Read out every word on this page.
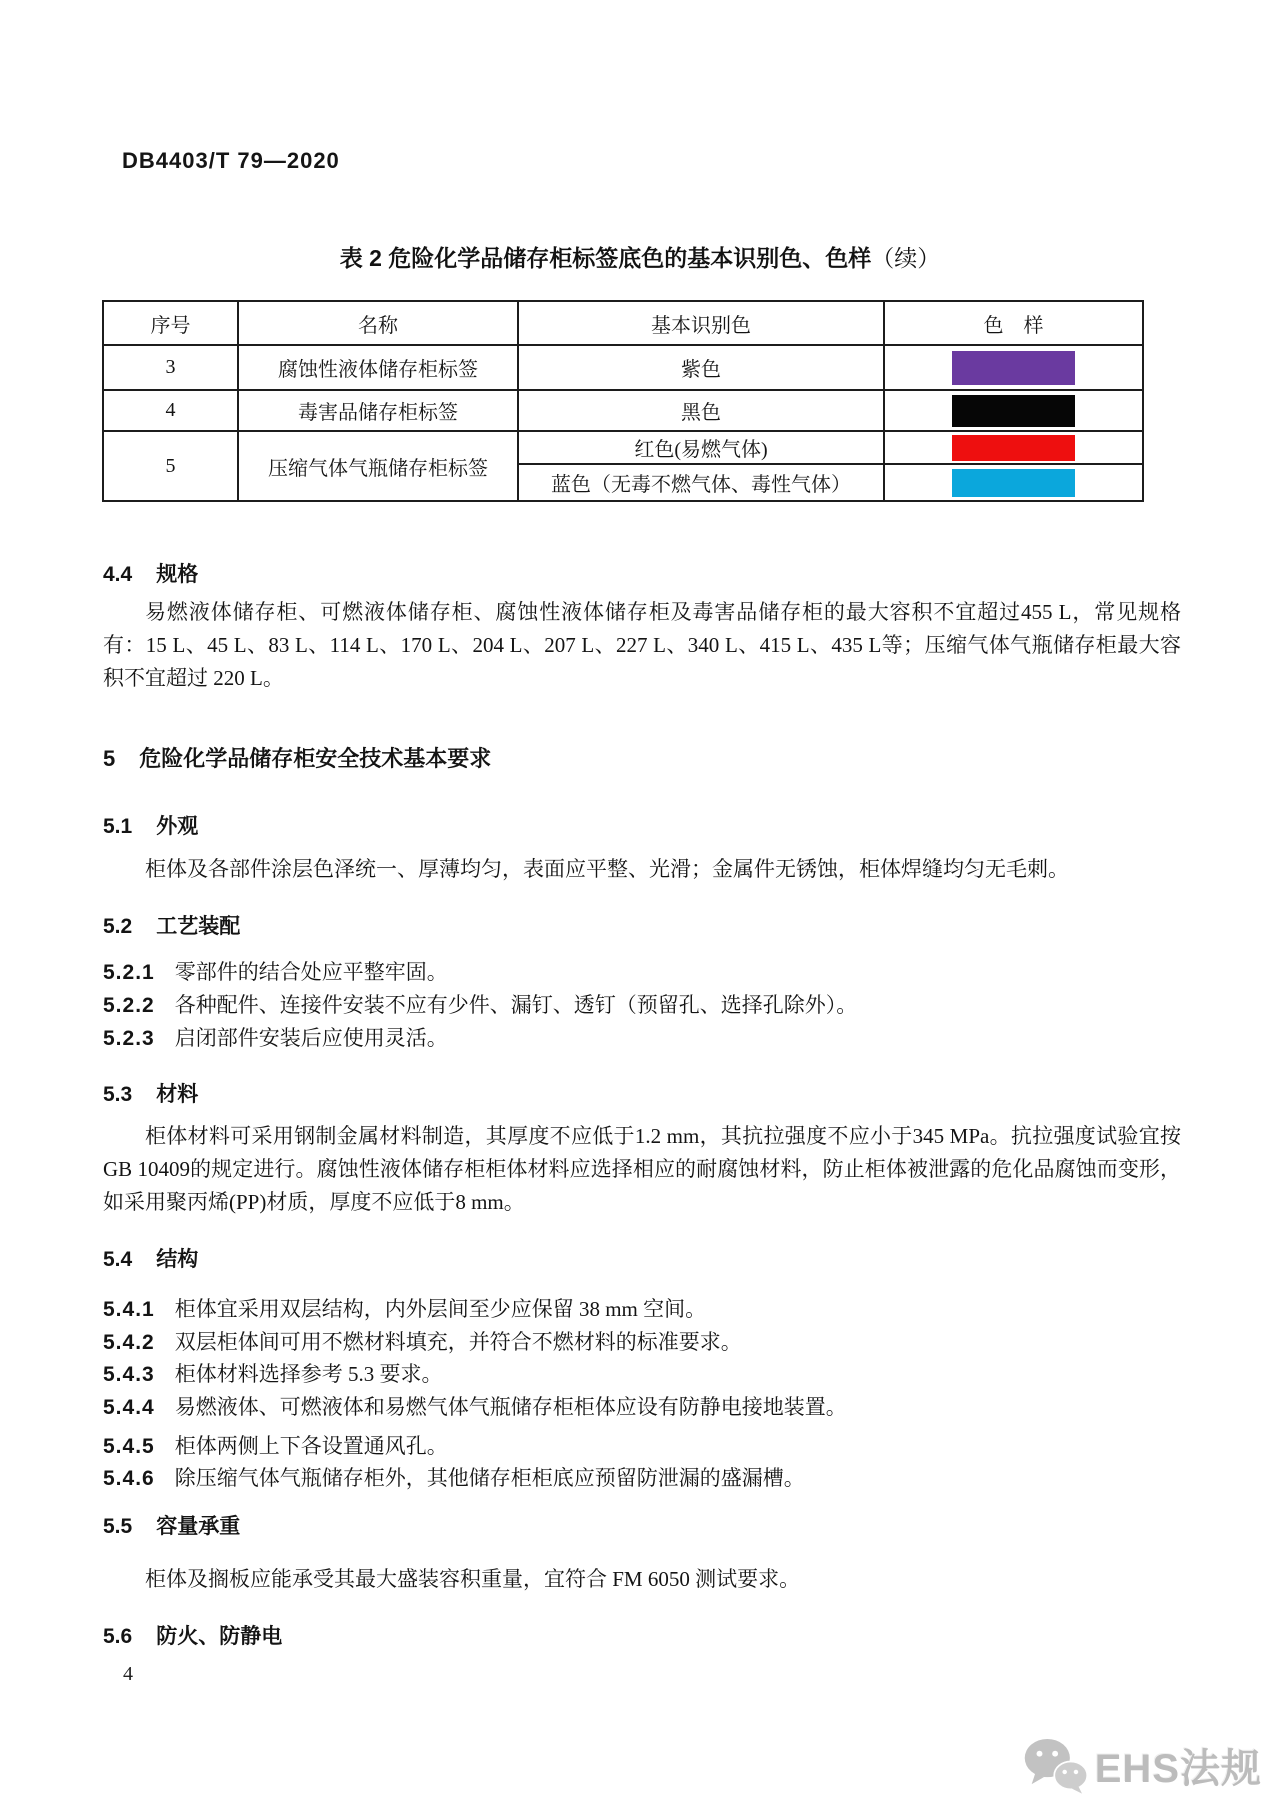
DB4403/T 79—2020
表 2 危险化学品储存柜标签底色的基本识别色、色样（续）
序号	名称	基本识别色	色　样
3	腐蚀性液体储存柜标签	紫色	

4	毒害品储存柜标签	黑色	

5	压缩气体气瓶储存柜标签	红色(易燃气体)	

		蓝色（无毒不燃气体、毒性气体）	
4.4 规格
易燃液体储存柜、可燃液体储存柜、腐蚀性液体储存柜及毒害品储存柜的最大容积不宜超过455 L，常见规格有：15 L、45 L、83 L、114 L、170 L、204 L、207 L、227 L、340 L、415 L、435 L等；压缩气体气瓶储存柜最大容积不宜超过 220 L。
5 危险化学品储存柜安全技术基本要求
5.1 外观
柜体及各部件涂层色泽统一、厚薄均匀，表面应平整、光滑；金属件无锈蚀，柜体焊缝均匀无毛刺。
5.2 工艺装配
5.2.1 零部件的结合处应平整牢固。
5.2.2 各种配件、连接件安装不应有少件、漏钉、透钉（预留孔、选择孔除外）。
5.2.3 启闭部件安装后应使用灵活。
5.3 材料
柜体材料可采用钢制金属材料制造，其厚度不应低于1.2 mm，其抗拉强度不应小于345 MPa。抗拉强度试验宜按GB 10409的规定进行。腐蚀性液体储存柜柜体材料应选择相应的耐腐蚀材料，防止柜体被泄露的危化品腐蚀而变形，如采用聚丙烯(PP)材质，厚度不应低于8 mm。
5.4 结构
5.4.1 柜体宜采用双层结构，内外层间至少应保留 38 mm 空间。
5.4.2 双层柜体间可用不燃材料填充，并符合不燃材料的标准要求。
5.4.3 柜体材料选择参考 5.3 要求。
5.4.4 易燃液体、可燃液体和易燃气体气瓶储存柜柜体应设有防静电接地装置。
5.4.5 柜体两侧上下各设置通风孔。
5.4.6 除压缩气体气瓶储存柜外，其他储存柜柜底应预留防泄漏的盛漏槽。
5.5 容量承重
柜体及搁板应能承受其最大盛装容积重量，宜符合 FM 6050 测试要求。
5.6 防火、防静电
4
EHS法规
